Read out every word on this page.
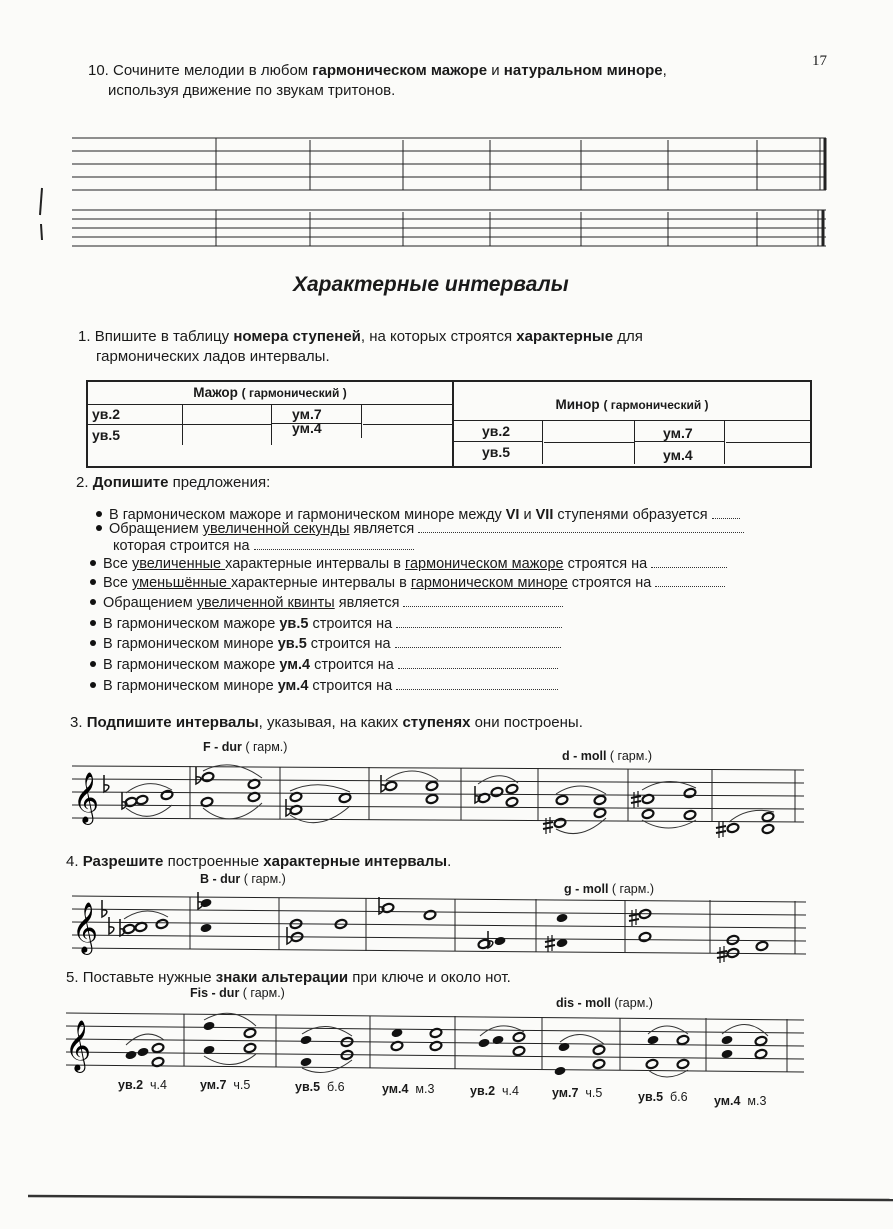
17
10. Сочините мелодии в любом гармоническом мажоре и натуральном миноре,
используя движение по звукам тритонов.
Характерные интервалы
1. Впишите в таблицу номера ступеней, на которых строятся характерные для
гармонических ладов интервалы.
Мажор ( гармонический )
ув.2	ум.7
ув.5	ум.4
Минор ( гармонический )
ув.2	ум.7
ув.5	ум.4
2. Допишите предложения:
В гармоническом мажоре и гармоническом миноре между VI и VII ступенями образуется
Обращением увеличенной секунды является
которая строится на
Все увеличенные характерные интервалы в гармоническом мажоре строятся на
Все уменьшённые характерные интервалы в гармоническом миноре строятся на
Обращением увеличенной квинты является
В гармоническом мажоре ув.5 строится на
В гармоническом миноре ув.5 строится на
В гармоническом мажоре ум.4 строится на
В гармоническом миноре ум.4 строится на
3. Подпишите интервалы, указывая, на каких ступенях они построены.
F - dur ( гарм.)
d - moll ( гарм.)
4. Разрешите построенные характерные интервалы.
B - dur ( гарм.)
g - moll ( гарм.)
5. Поставьте нужные знаки альтерации при ключе и около нот.
Fis - dur ( гарм.)
dis - moll (гарм.)
ув.2 ч.4	ум.7 ч.5	ув.5 б.6	ум.4 м.3	ув.2 ч.4	ум.7 ч.5	ув.5 б.6 ум.4 м.3
𝄞
𝄞
𝄞
